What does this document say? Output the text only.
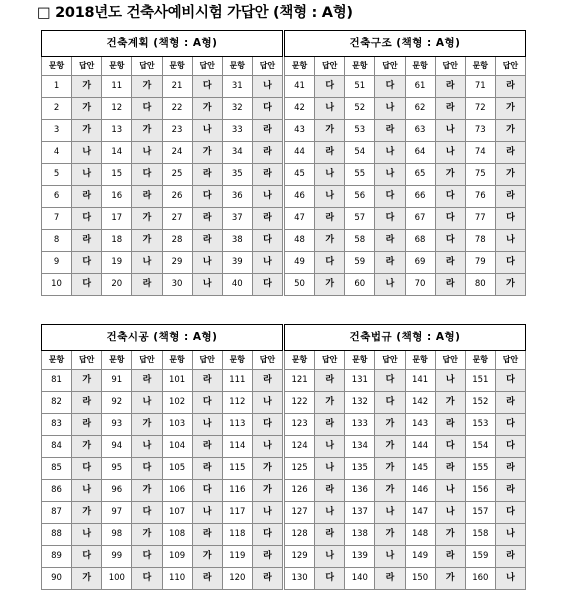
□ 2018년도 건축사예비시험 가답안 (책형 : A형)
건축계획 (책형 : A형)							
문항	답안	문항	답안	문항	답안	문항	답안
1	가	11	가	21	다	31	나
2	가	12	다	22	가	32	다
3	가	13	가	23	나	33	라
4	나	14	나	24	가	34	라
5	나	15	다	25	라	35	라
6	라	16	라	26	다	36	나
7	다	17	가	27	라	37	라
8	라	18	가	28	라	38	다
9	다	19	나	29	나	39	나
10	다	20	라	30	나	40	다
건축구조 (책형 : A형)							
문항	답안	문항	답안	문항	답안	문항	답안
41	다	51	다	61	라	71	라
42	나	52	나	62	라	72	가
43	가	53	라	63	나	73	가
44	라	54	나	64	나	74	라
45	나	55	나	65	가	75	가
46	나	56	다	66	다	76	라
47	라	57	다	67	다	77	다
48	가	58	라	68	다	78	나
49	다	59	라	69	라	79	다
50	가	60	나	70	라	80	가
건축시공 (책형 : A형)							
문항	답안	문항	답안	문항	답안	문항	답안
81	가	91	라	101	라	111	라
82	라	92	나	102	다	112	나
83	라	93	가	103	나	113	다
84	가	94	나	104	라	114	나
85	다	95	다	105	라	115	가
86	나	96	가	106	다	116	가
87	가	97	다	107	나	117	나
88	나	98	가	108	라	118	다
89	다	99	다	109	가	119	라
90	가	100	다	110	라	120	라
건축법규 (책형 : A형)							
문항	답안	문항	답안	문항	답안	문항	답안
121	라	131	다	141	나	151	다
122	가	132	다	142	가	152	라
123	라	133	가	143	라	153	다
124	나	134	가	144	다	154	다
125	나	135	가	145	라	155	라
126	라	136	가	146	나	156	라
127	나	137	나	147	나	157	다
128	라	138	가	148	가	158	나
129	나	139	나	149	라	159	라
130	다	140	라	150	가	160	나
